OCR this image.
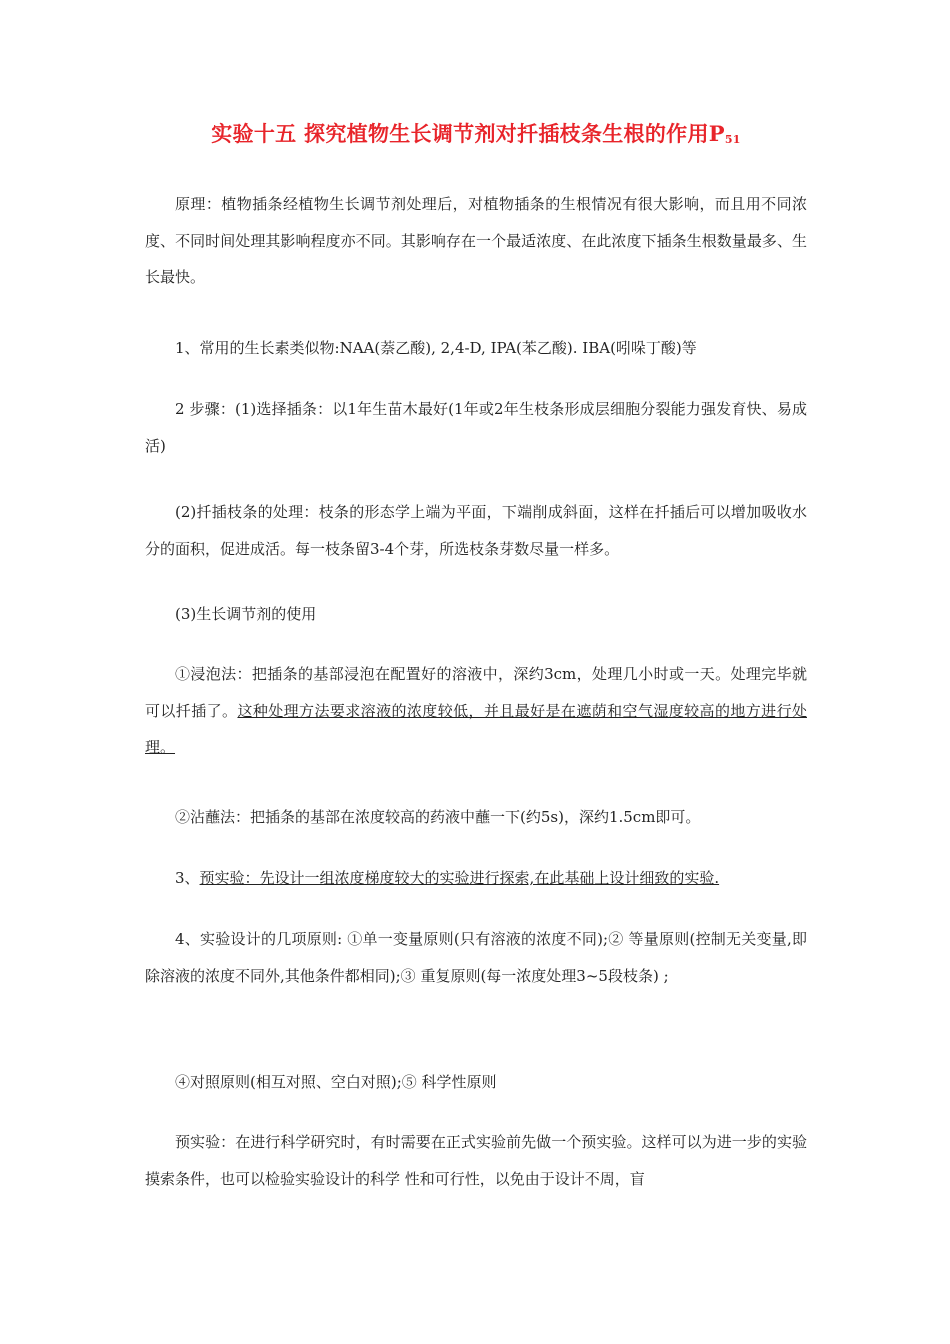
实验十五 探究植物生长调节剂对扦插枝条生根的作用$P_{51}$

原理：植物插条经植物生长调节剂处理后，对植物插条的生根情况有很大影响，而且用不同浓度、不同时间处理其影响程度亦不同。其影响存在一个最适浓度、在此浓度下插条生根数量最多、生长最快。

1、常用的生长素类似物:NAA(萘乙酸), 2,4-D, IPA(苯乙酸). IBA(吲哚丁酸)等

2 步骤：(1)选择插条：以1年生苗木最好(1年或2年生枝条形成层细胞分裂能力强发育快、易成活)

(2)扦插枝条的处理：枝条的形态学上端为平面，下端削成斜面，这样在扦插后可以增加吸收水分的面积，促进成活。每一枝条留3-4个芽，所选枝条芽数尽量一样多。

(3)生长调节剂的使用

①浸泡法：把插条的基部浸泡在配置好的溶液中，深约3cm，处理几小时或一天。处理完毕就可以扦插了。这种处理方法要求溶液的浓度较低，并且最好是在遮荫和空气湿度较高的地方进行处理。

②沾蘸法：把插条的基部在浓度较高的药液中蘸一下(约5s)，深约1.5cm即可。

3、预实验：先设计一组浓度梯度较大的实验进行探索,在此基础上设计细致的实验.

4、实验设计的几项原则: ①单一变量原则(只有溶液的浓度不同);② 等量原则(控制无关变量,即除溶液的浓度不同外,其他条件都相同);③ 重复原则(每一浓度处理3~5段枝条) ;

④对照原则(相互对照、空白对照);⑤ 科学性原则

预实验：在进行科学研究时，有时需要在正式实验前先做一个预实验。这样可以为进一步的实验摸索条件，也可以检验实验设计的科学 性和可行性，以免由于设计不周，盲
